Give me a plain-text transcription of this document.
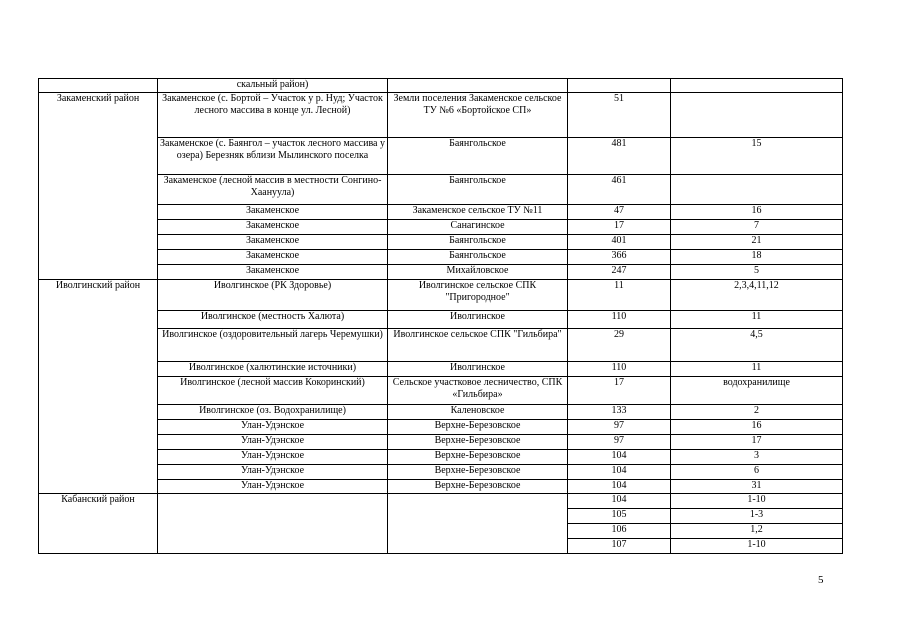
	скальный район)			
Закаменский район	Закаменское (с. Бортой – Участок у р. Нуд; Участок лесного массива в конце ул. Лесной)	Земли поселения Закаменское сельское ТУ №6 «Бортойское СП»	51	
	Закаменское (с. Баянгол – участок лесного массива у озера) Березняк вблизи Мылинского поселка	Баянгольское	481	15
	Закаменское (лесной массив в местности Сонгино-Хаануула)	Баянгольское	461	
	Закаменское	Закаменское сельское ТУ №11	47	16
	Закаменское	Санагинское	17	7
	Закаменское	Баянгольское	401	21
	Закаменское	Баянгольское	366	18
	Закаменское	Михайловское	247	5
Иволгинский район	Иволгинское (РК Здоровье)	Иволгинское сельское СПК "Пригородное"	11	2,3,4,11,12
	Иволгинское (местность Халюта)	Иволгинское	110	11
	Иволгинское (оздоровительный лагерь Черемушки)	Иволгинское сельское СПК "Гильбира"	29	4,5
	Иволгинское (халютинские источники)	Иволгинское	110	11
	Иволгинское (лесной массив Кокоринский)	Сельское участковое лесничество, СПК «Гильбира»	17	водохранилище
	Иволгинское (оз. Водохранилище)	Каленовское	133	2
	Улан-Удэнское	Верхне-Березовское	97	16
	Улан-Удэнское	Верхне-Березовское	97	17
	Улан-Удэнское	Верхне-Березовское	104	3
	Улан-Удэнское	Верхне-Березовское	104	6
	Улан-Удэнское	Верхне-Березовское	104	31
Кабанский район			104	1-10
			105	1-3
			106	1,2
			107	1-10
5
